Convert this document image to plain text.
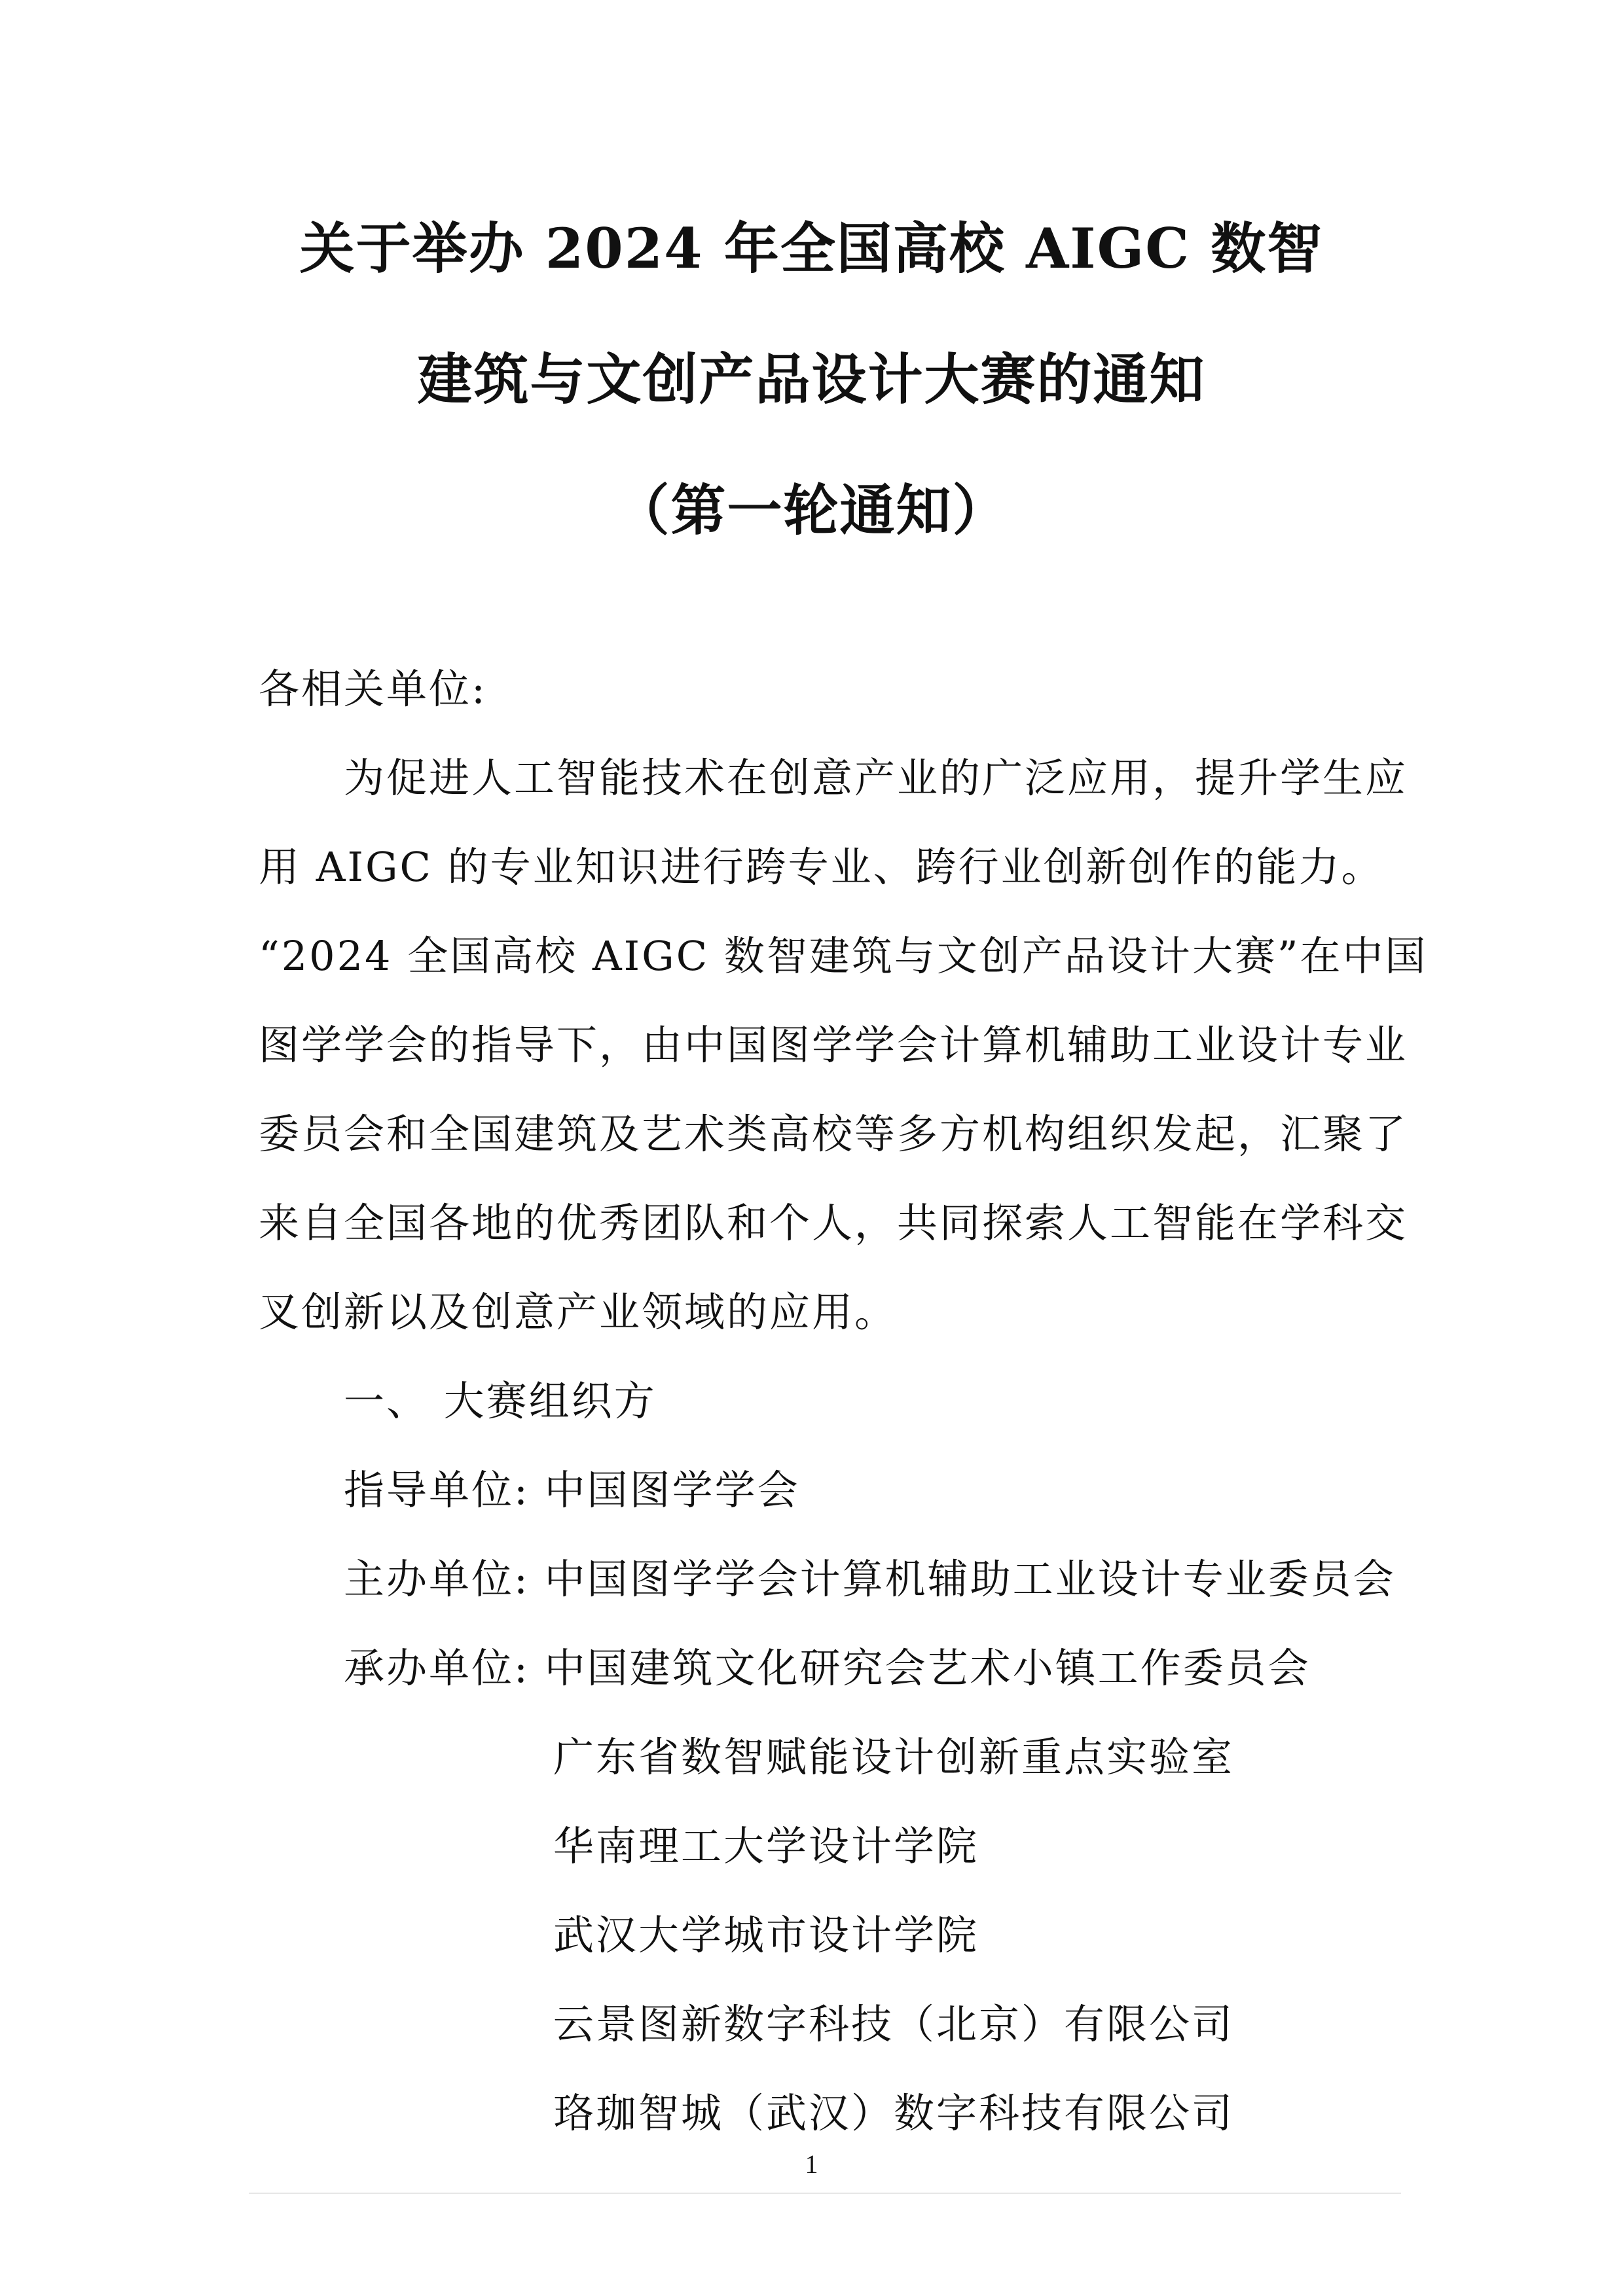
关于举办 2024 年全国高校 AIGC 数智
建筑与文创产品设计大赛的通知
（第一轮通知）
各相关单位:
为促进人工智能技术在创意产业的广泛应用，提升学生应
用 AIGC 的专业知识进行跨专业、跨行业创新创作的能力。
“2024 全国高校 AIGC 数智建筑与文创产品设计大赛”在中国
图学学会的指导下，由中国图学学会计算机辅助工业设计专业
委员会和全国建筑及艺术类高校等多方机构组织发起，汇聚了
来自全国各地的优秀团队和个人，共同探索人工智能在学科交
叉创新以及创意产业领域的应用。
一、 大赛组织方
指导单位: 中国图学学会
主办单位: 中国图学学会计算机辅助工业设计专业委员会
承办单位: 中国建筑文化研究会艺术小镇工作委员会
广东省数智赋能设计创新重点实验室
华南理工大学设计学院
武汉大学城市设计学院
云景图新数字科技（北京）有限公司
珞珈智城（武汉）数字科技有限公司
1
